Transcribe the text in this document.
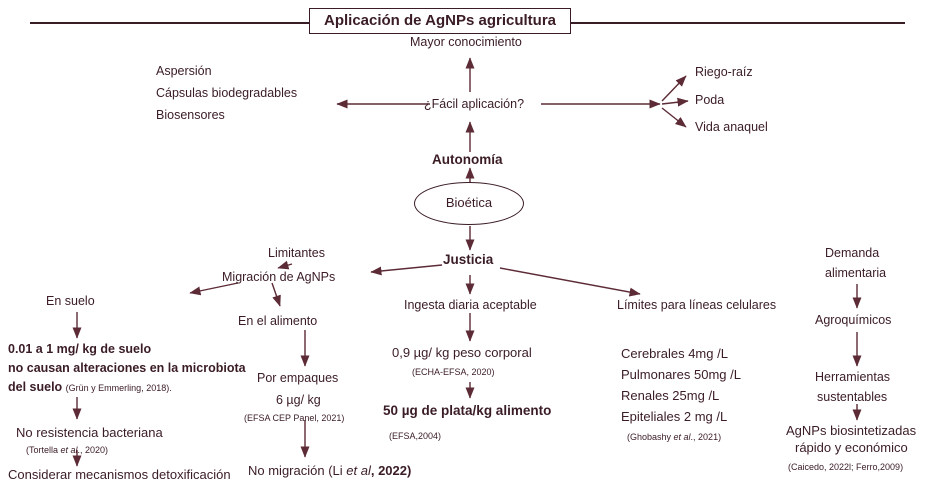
Aplicación de AgNPs agricultura
Mayor conocimiento
¿Fácil aplicación?
Aspersión
Cápsulas biodegradables
Biosensores
Riego-raíz
Poda
Vida anaquel
Autonomía
Bioética
Justicia
Limitantes
Migración de AgNPs
En suelo
En el alimento
0.01 a 1 mg/ kg de suelo
no causan alteraciones en la microbiota
del suelo (Grün y Emmerling, 2018).
No resistencia bacteriana
(Tortella et al., 2020)
Considerar mecanismos detoxificación
Por empaques
6 µg/ kg
(EFSA CEP Panel, 2021)
No migración (Li et al, 2022)
Ingesta diaria aceptable
0,9 µg/ kg peso corporal
(ECHA-EFSA, 2020)
50 µg de plata/kg alimento
(EFSA,2004)
Límites para líneas celulares
Cerebrales 4mg /L
Pulmonares 50mg /L
Renales 25mg /L
Epiteliales 2 mg /L
(Ghobashy et al., 2021)
Demanda
alimentaria
Agroquímicos
Herramientas
sustentables
AgNPs biosintetizadas
rápido y económico
(Caicedo, 2022l; Ferro,2009)
